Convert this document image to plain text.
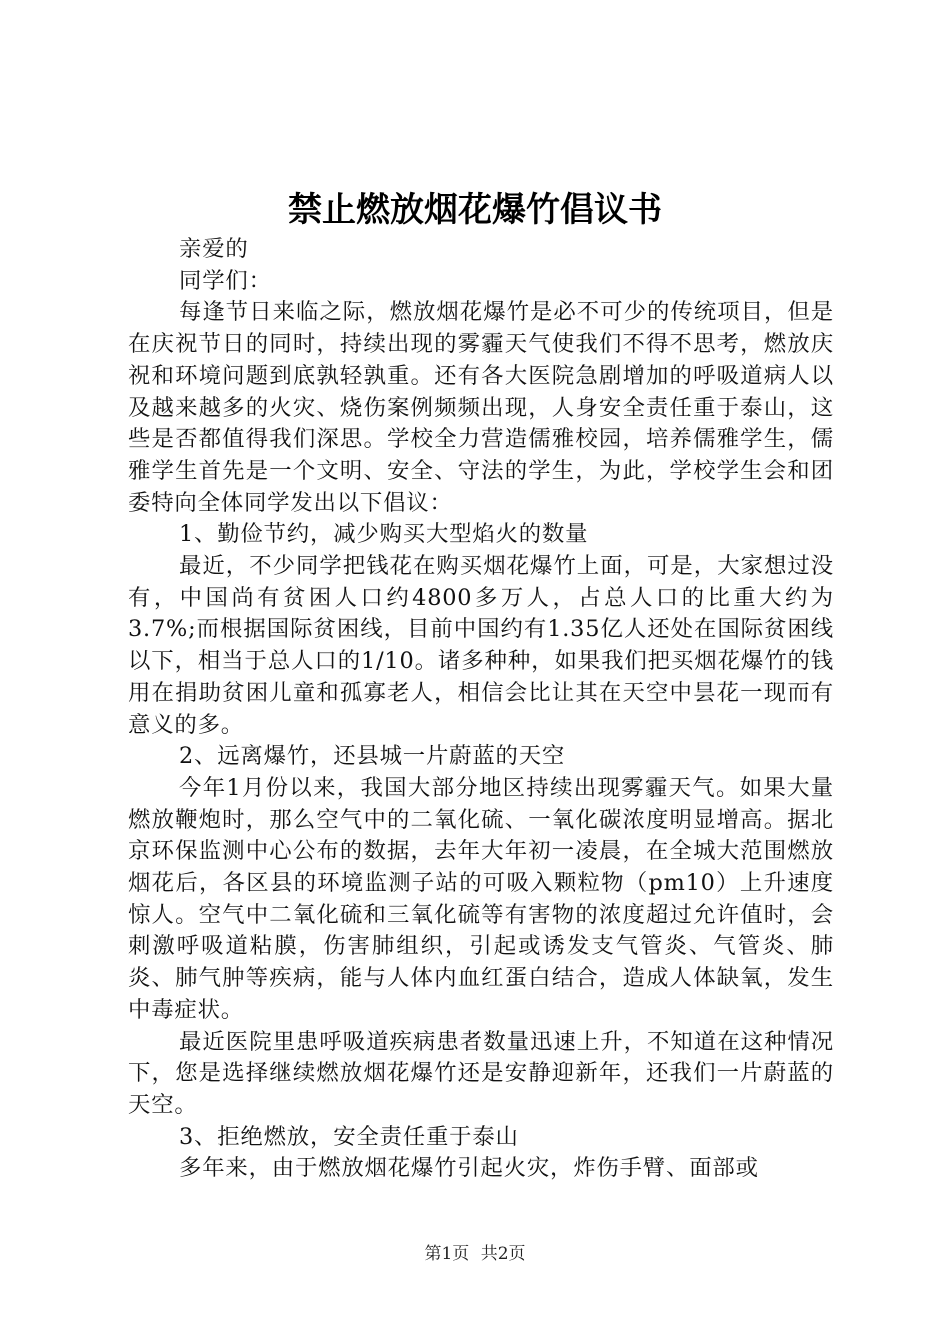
禁止燃放烟花爆竹倡议书

亲爱的

同学们：

每逢节日来临之际，燃放烟花爆竹是必不可少的传统项目，但是在庆祝节日的同时，持续出现的雾霾天气使我们不得不思考，燃放庆祝和环境问题到底孰轻孰重。还有各大医院急剧增加的呼吸道病人以及越来越多的火灾、烧伤案例频频出现，人身安全责任重于泰山，这些是否都值得我们深思。学校全力营造儒雅校园，培养儒雅学生，儒雅学生首先是一个文明、安全、守法的学生，为此，学校学生会和团委特向全体同学发出以下倡议：

1、勤俭节约，减少购买大型焰火的数量

最近，不少同学把钱花在购买烟花爆竹上面，可是，大家想过没有，中国尚有贫困人口约4800多万人，占总人口的比重大约为3.7%;而根据国际贫困线，目前中国约有1.35亿人还处在国际贫困线以下，相当于总人口的1/10。诸多种种，如果我们把买烟花爆竹的钱用在捐助贫困儿童和孤寡老人，相信会比让其在天空中昙花一现而有意义的多。

2、远离爆竹，还县城一片蔚蓝的天空

今年1月份以来，我国大部分地区持续出现雾霾天气。如果大量燃放鞭炮时，那么空气中的二氧化硫、一氧化碳浓度明显增高。据北京环保监测中心公布的数据，去年大年初一凌晨，在全城大范围燃放烟花后，各区县的环境监测子站的可吸入颗粒物（pm10）上升速度惊人。空气中二氧化硫和三氧化硫等有害物的浓度超过允许值时，会刺激呼吸道粘膜，伤害肺组织，引起或诱发支气管炎、气管炎、肺炎、肺气肿等疾病，能与人体内血红蛋白结合，造成人体缺氧，发生中毒症状。

最近医院里患呼吸道疾病患者数量迅速上升，不知道在这种情况下，您是选择继续燃放烟花爆竹还是安静迎新年，还我们一片蔚蓝的天空。

3、拒绝燃放，安全责任重于泰山

多年来，由于燃放烟花爆竹引起火灾，炸伤手臂、面部或

第1页 共2页
